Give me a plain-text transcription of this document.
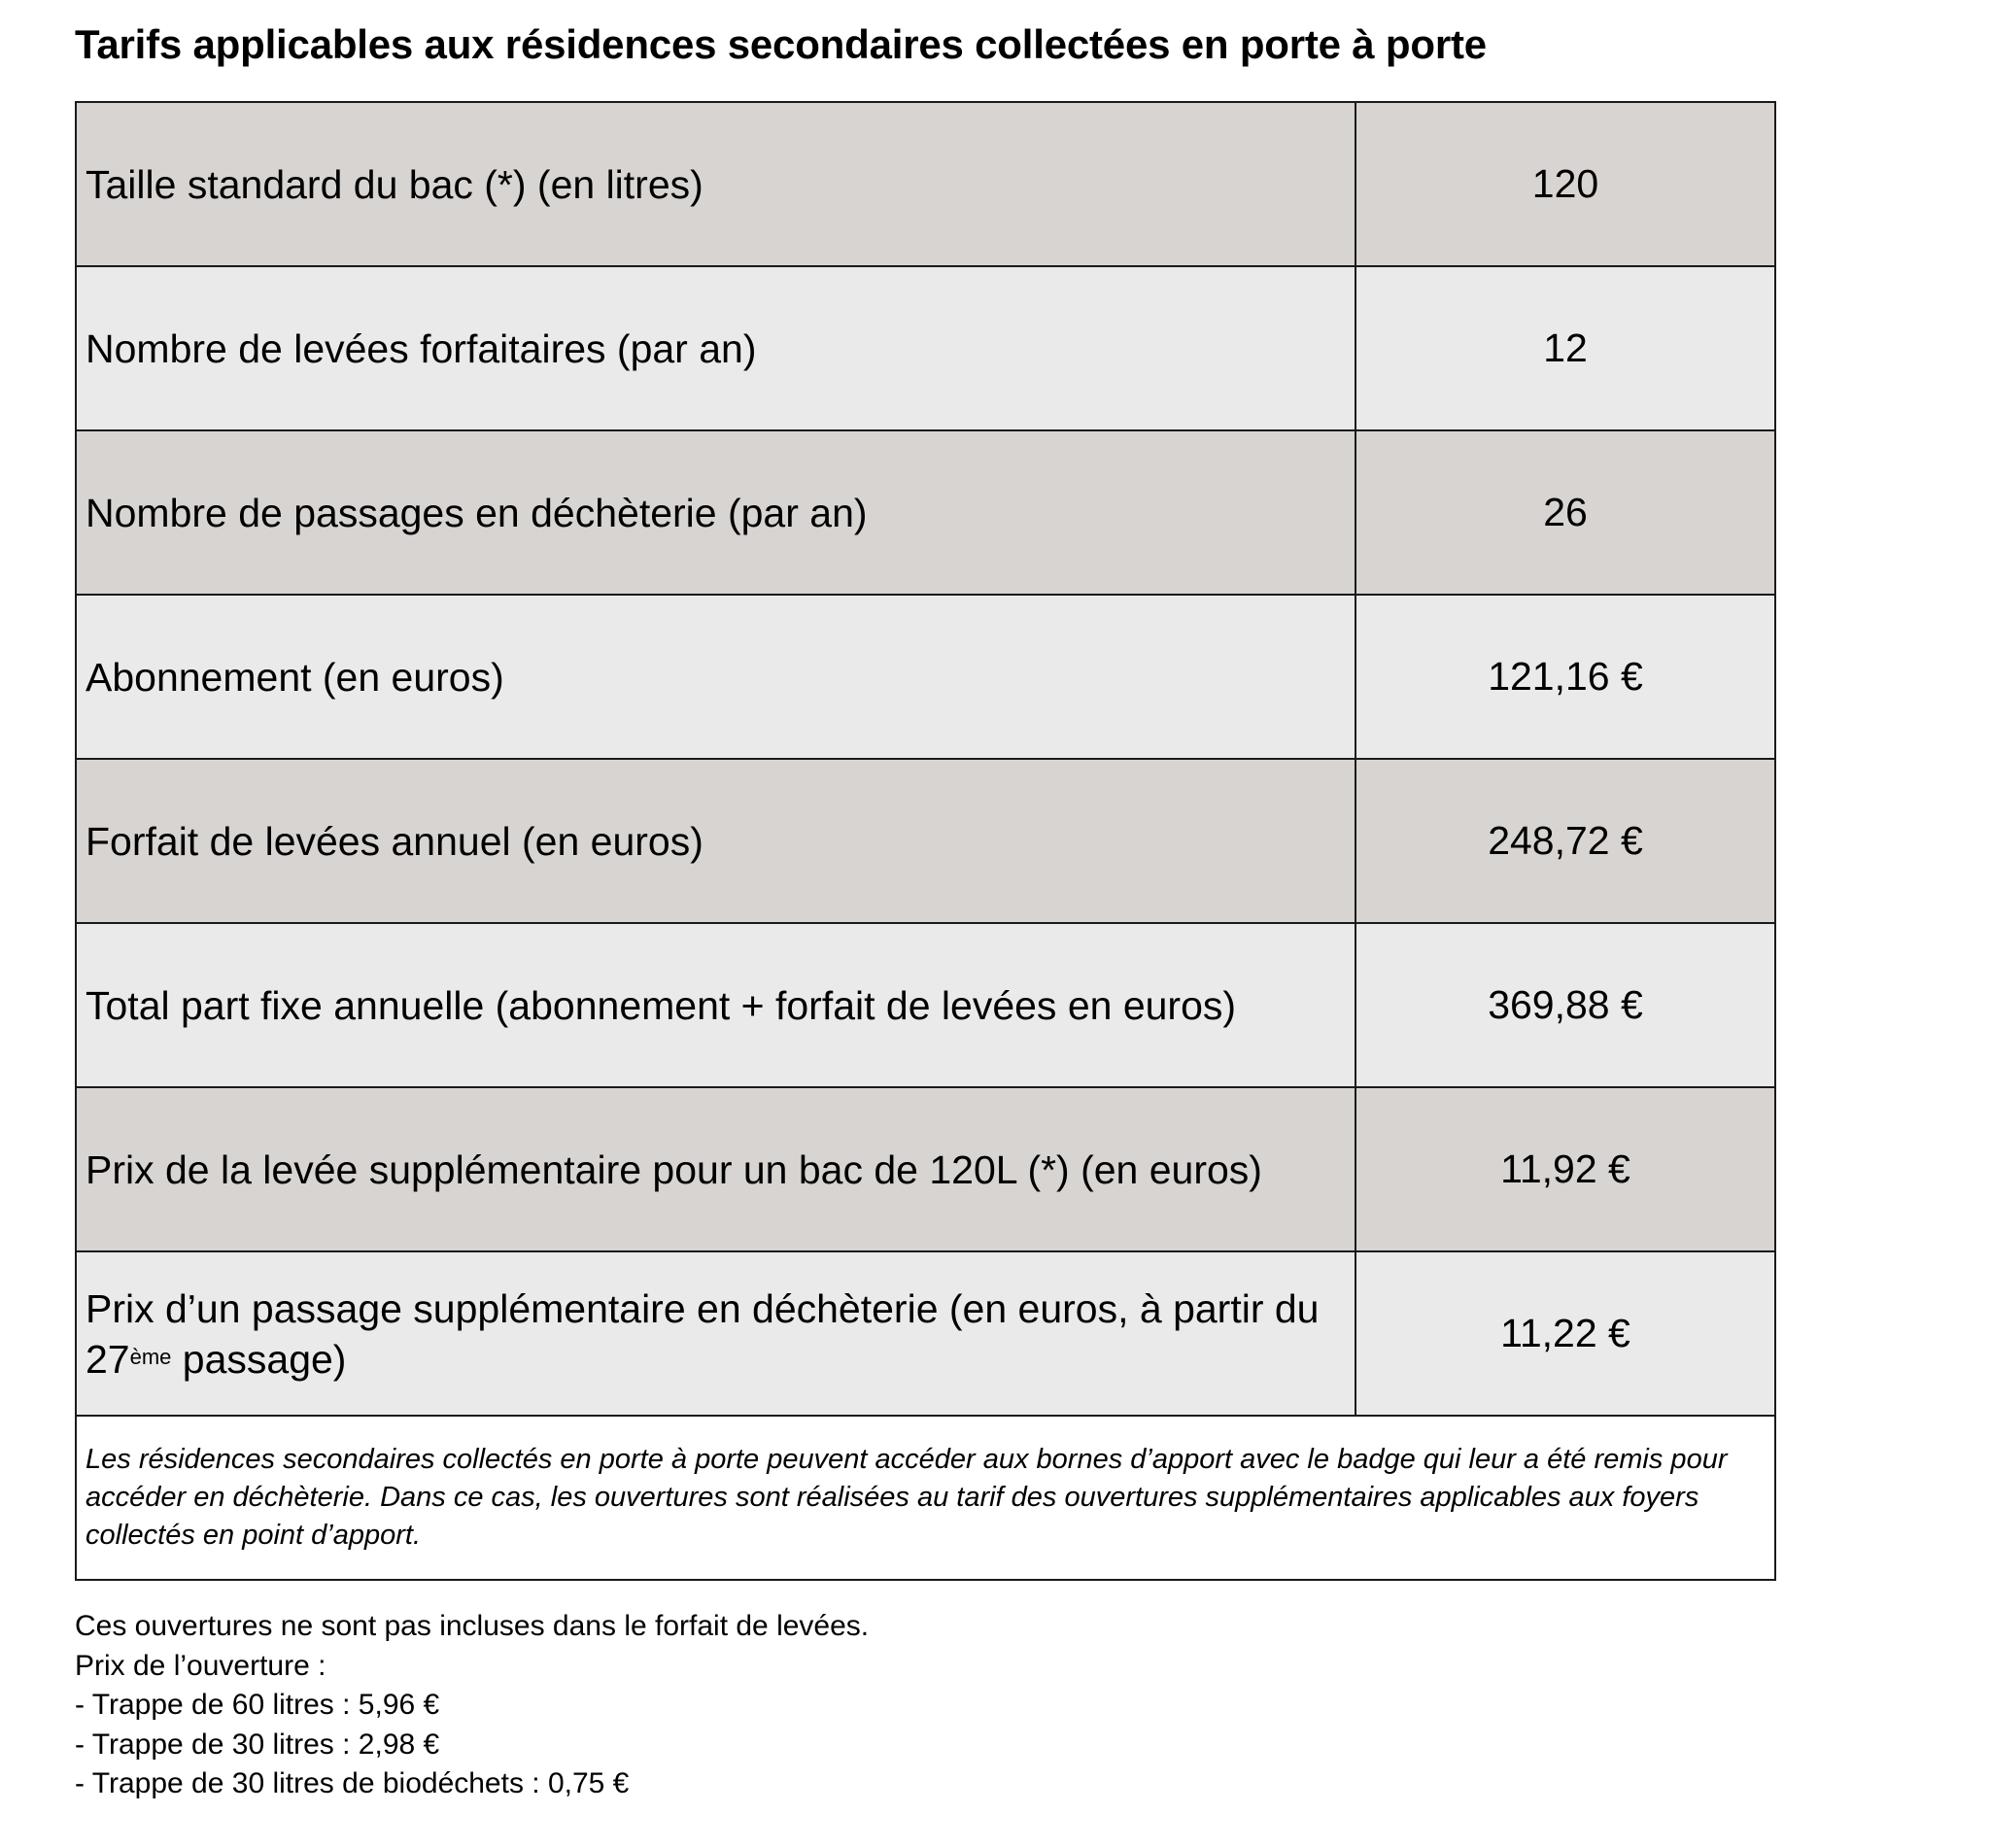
Tarifs applicables aux résidences secondaires collectées en porte à porte
Taille standard du bac (*) (en litres)	120
Nombre de levées forfaitaires (par an)	12
Nombre de passages en déchèterie (par an)	26
Abonnement (en euros)	121,16 €
Forfait de levées annuel (en euros)	248,72 €
Total part fixe annuelle (abonnement + forfait de levées en euros)	369,88 €
Prix de la levée supplémentaire pour un bac de 120L (*) (en euros)	11,92 €
Prix d’un passage supplémentaire en déchèterie (en euros, à partir du 27ème passage)	11,22 €
Les résidences secondaires collectés en porte à porte peuvent accéder aux bornes d’apport avec le badge qui leur a été remis pour accéder en déchèterie. Dans ce cas, les ouvertures sont réalisées au tarif des ouvertures supplémentaires applicables aux foyers collectés en point d’apport.	
Ces ouvertures ne sont pas incluses dans le forfait de levées.
Prix de l’ouverture :
- Trappe de 60 litres : 5,96 €
- Trappe de 30 litres : 2,98 €
- Trappe de 30 litres de biodéchets : 0,75 €
